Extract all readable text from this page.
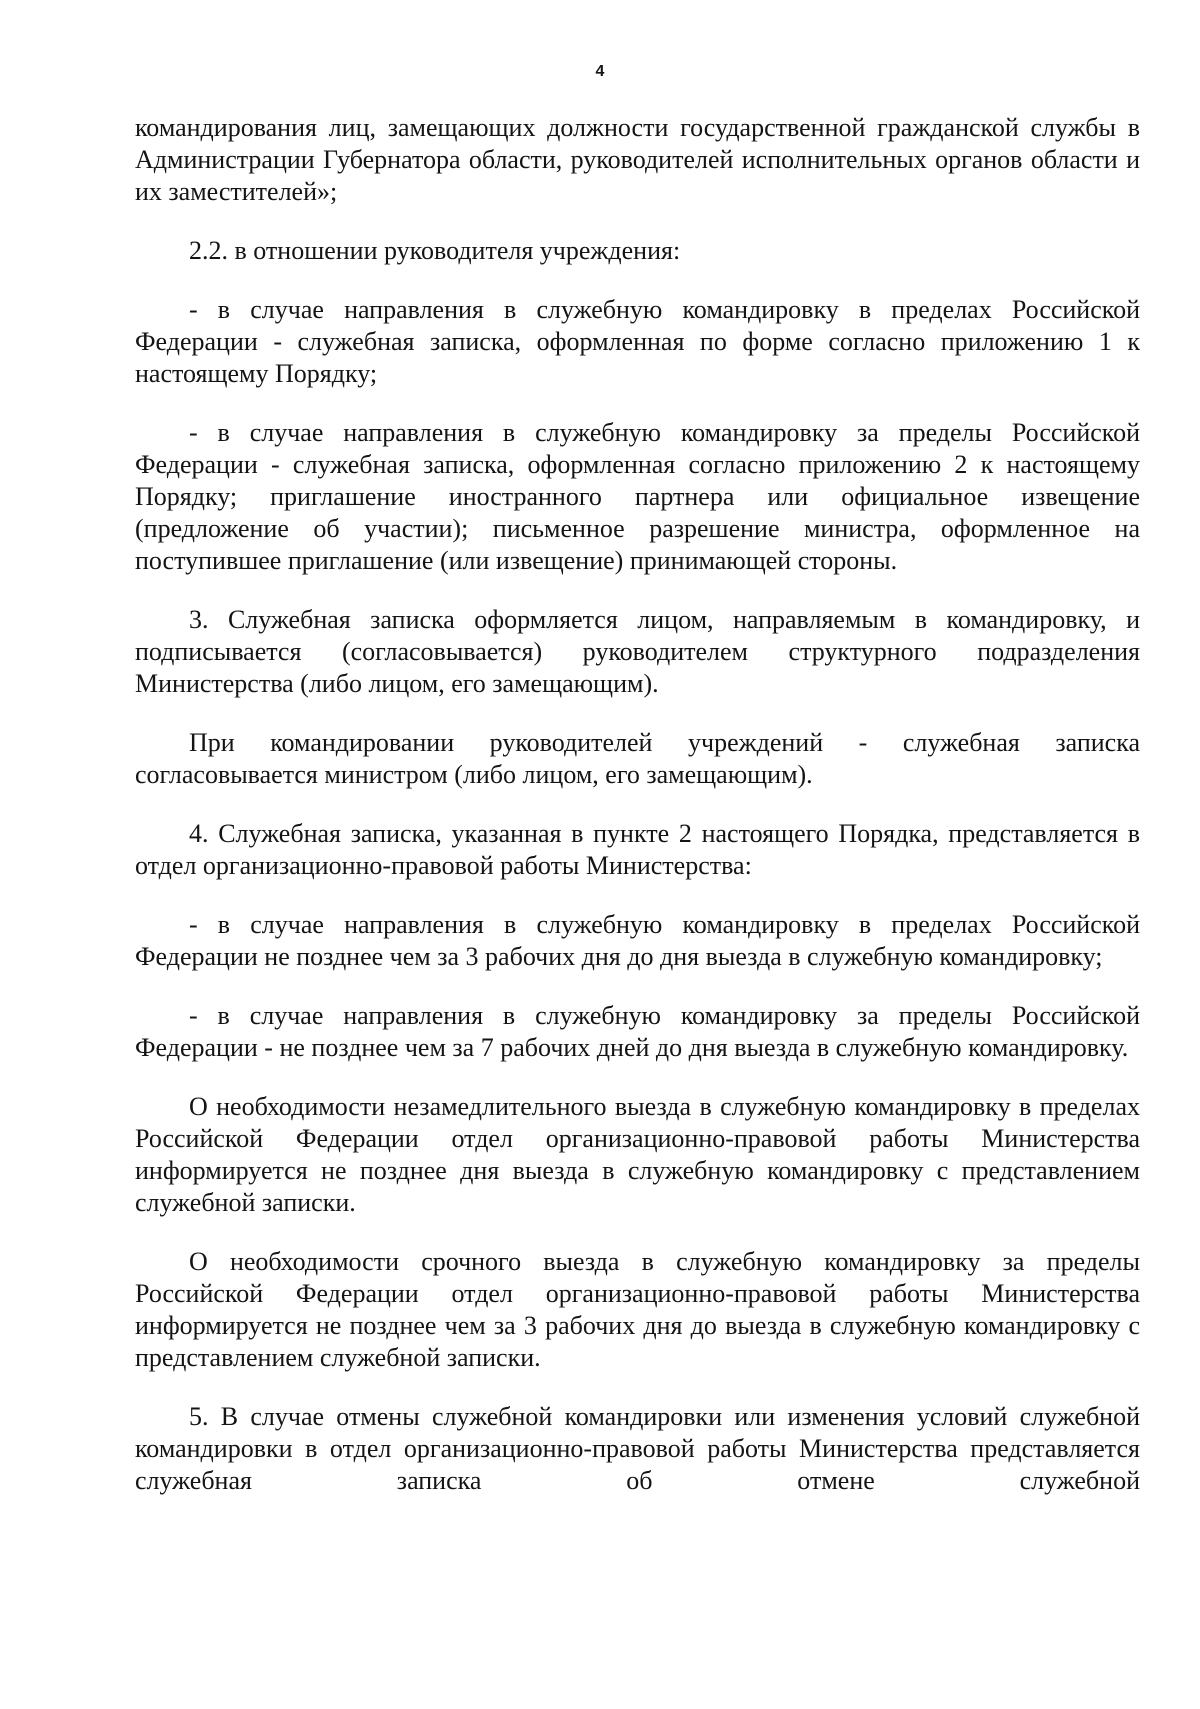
4

командирования лиц, замещающих должности государственной гражданской службы в Администрации Губернатора области, руководителей исполнительных органов области и их заместителей»;

2.2. в отношении руководителя учреждения:

- в случае направления в служебную командировку в пределах Российской Федерации - служебная записка, оформленная по форме согласно приложению 1 к настоящему Порядку;

- в случае направления в служебную командировку за пределы Российской Федерации - служебная записка, оформленная согласно приложению 2 к настоящему Порядку; приглашение иностранного партнера или официальное извещение (предложение об участии); письменное разрешение министра, оформленное на поступившее приглашение (или извещение) принимающей стороны.

3. Служебная записка оформляется лицом, направляемым в командировку, и подписывается (согласовывается) руководителем структурного подразделения Министерства (либо лицом, его замещающим).

При командировании руководителей учреждений - служебная записка согласовывается министром (либо лицом, его замещающим).

4. Служебная записка, указанная в пункте 2 настоящего Порядка, представляется в отдел организационно-правовой работы Министерства:

- в случае направления в служебную командировку в пределах Российской Федерации не позднее чем за 3 рабочих дня до дня выезда в служебную командировку;

- в случае направления в служебную командировку за пределы Российской Федерации - не позднее чем за 7 рабочих дней до дня выезда в служебную командировку.

О необходимости незамедлительного выезда в служебную командировку в пределах Российской Федерации отдел организационно-правовой работы Министерства информируется не позднее дня выезда в служебную командировку с представлением служебной записки.

О необходимости срочного выезда в служебную командировку за пределы Российской Федерации отдел организационно-правовой работы Министерства информируется не позднее чем за 3 рабочих дня до выезда в служебную командировку с представлением служебной записки.

5. В случае отмены служебной командировки или изменения условий служебной командировки в отдел организационно-правовой работы Министерства представляется служебная записка об отмене служебной
